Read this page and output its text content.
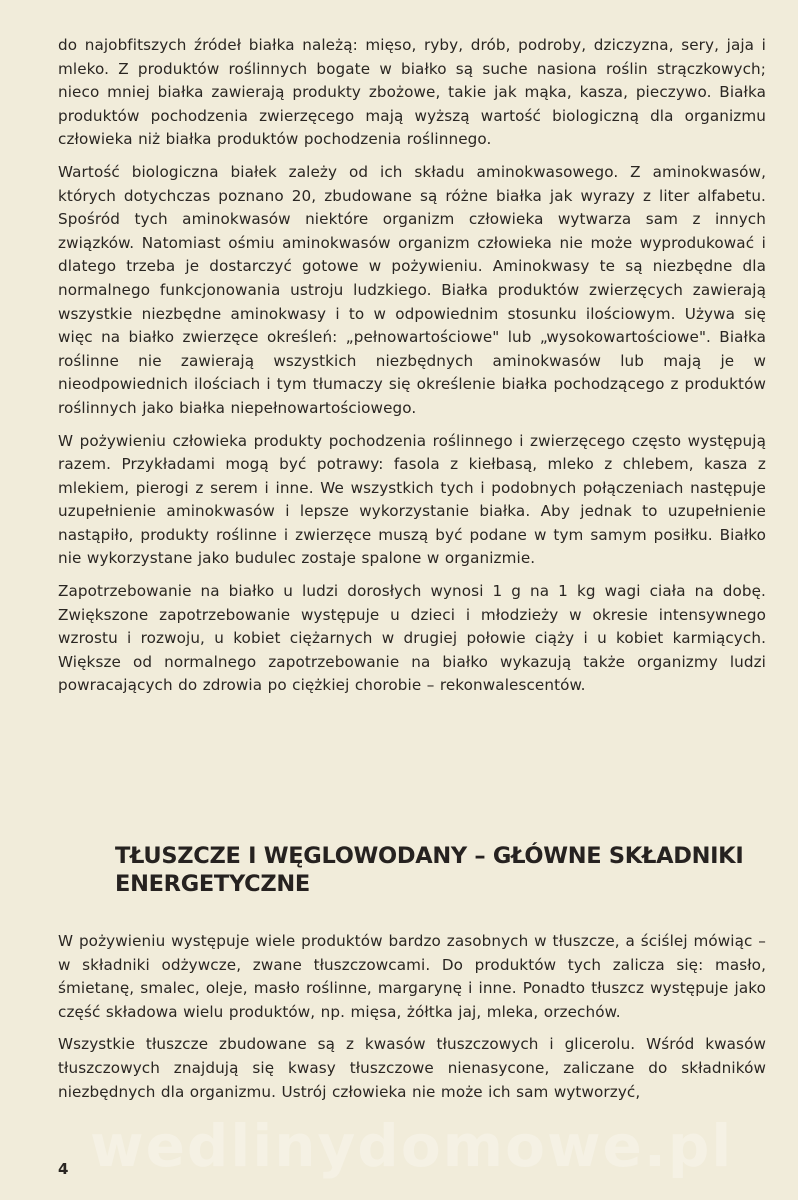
do najobfitszych źródeł białka należą: mięso, ryby, drób, podroby, dziczyzna, sery, jaja i mleko. Z produktów roślinnych bogate w białko są suche nasiona roślin strączkowych; nieco mniej białka zawierają produkty zbożowe, takie jak mąka, kasza, pieczywo. Białka produktów pochodzenia zwierzęcego mają wyższą wartość biologiczną dla organizmu człowieka niż białka produktów pochodzenia roślinnego.

Wartość biologiczna białek zależy od ich składu aminokwasowego. Z aminokwasów, których dotychczas poznano 20, zbudowane są różne białka jak wyrazy z liter alfabetu. Spośród tych aminokwasów niektóre organizm człowieka wytwarza sam z innych związków. Natomiast ośmiu aminokwasów organizm człowieka nie może wyprodukować i dlatego trzeba je dostarczyć gotowe w pożywieniu. Aminokwasy te są niezbędne dla normalnego funkcjonowania ustroju ludzkiego. Białka produktów zwierzęcych zawierają wszystkie niezbędne aminokwasy i to w odpowiednim stosunku ilościowym. Używa się więc na białko zwierzęce określeń: „pełnowartościowe" lub „wysokowartościowe". Białka roślinne nie zawierają wszystkich niezbędnych aminokwasów lub mają je w nieodpowiednich ilościach i tym tłumaczy się określenie białka pochodzącego z produktów roślinnych jako białka niepełnowartościowego.

W pożywieniu człowieka produkty pochodzenia roślinnego i zwierzęcego często występują razem. Przykładami mogą być potrawy: fasola z kiełbasą, mleko z chlebem, kasza z mlekiem, pierogi z serem i inne. We wszystkich tych i podobnych połączeniach następuje uzupełnienie aminokwasów i lepsze wykorzystanie białka. Aby jednak to uzupełnienie nastąpiło, produkty roślinne i zwierzęce muszą być podane w tym samym posiłku. Białko nie wykorzystane jako budulec zostaje spalone w organizmie.

Zapotrzebowanie na białko u ludzi dorosłych wynosi 1 g na 1 kg wagi ciała na dobę. Zwiększone zapotrzebowanie występuje u dzieci i młodzieży w okresie intensywnego wzrostu i rozwoju, u kobiet ciężarnych w drugiej połowie ciąży i u kobiet karmiących. Większe od normalnego zapotrzebowanie na białko wykazują także organizmy ludzi powracających do zdrowia po ciężkiej chorobie – rekonwalescentów.

TŁUSZCZE I WĘGLOWODANY – GŁÓWNE SKŁADNIKI ENERGETYCZNE

W pożywieniu występuje wiele produktów bardzo zasobnych w tłuszcze, a ściślej mówiąc – w składniki odżywcze, zwane tłuszczowcami. Do produktów tych zalicza się: masło, śmietanę, smalec, oleje, masło roślinne, margarynę i inne. Ponadto tłuszcz występuje jako część składowa wielu produktów, np. mięsa, żółtka jaj, mleka, orzechów.

Wszystkie tłuszcze zbudowane są z kwasów tłuszczowych i glicerolu. Wśród kwasów tłuszczowych znajdują się kwasy tłuszczowe nienasycone, zaliczane do składników niezbędnych dla organizmu. Ustrój człowieka nie może ich sam wytworzyć,

wedlinydomowe.pl
4
